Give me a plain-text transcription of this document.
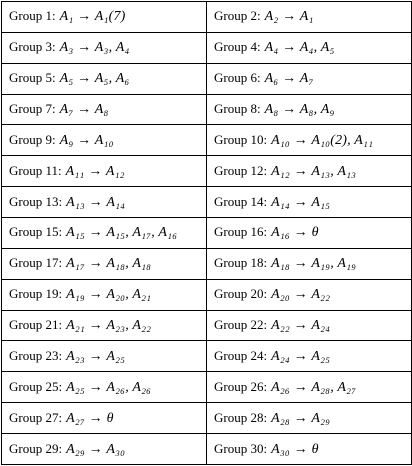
Group 1: A₁ → A₁(7)	Group 2: A₂ → A₁

Group 3: A₃ → A₃, A₄	Group 4: A₄ → A₄, A₅

Group 5: A₅ → A₅, A₆	Group 6: A₆ → A₇

Group 7: A₇ → A₈	Group 8: A₈ → A₈, A₉

Group 9: A₉ → A₁₀	Group 10: A₁₀ → A₁₀(2), A₁₁

Group 11: A₁₁ → A₁₂	Group 12: A₁₂ → A₁₃, A₁₃

Group 13: A₁₃ → A₁₄	Group 14: A₁₄ → A₁₅

Group 15: A₁₅ → A₁₅, A₁₇, A₁₆	Group 16: A₁₆ → θ

Group 17: A₁₇ → A₁₈, A₁₈	Group 18: A₁₈ → A₁₉, A₁₉

Group 19: A₁₉ → A₂₀, A₂₁	Group 20: A₂₀ → A₂₂

Group 21: A₂₁ → A₂₃, A₂₂	Group 22: A₂₂ → A₂₄

Group 23: A₂₃ → A₂₅	Group 24: A₂₄ → A₂₅

Group 25: A₂₅ → A₂₆, A₂₆	Group 26: A₂₆ → A₂₈, A₂₇

Group 27: A₂₇ → θ	Group 28: A₂₈ → A₂₉

Group 29: A₂₉ → A₃₀	Group 30: A₃₀ → θ
